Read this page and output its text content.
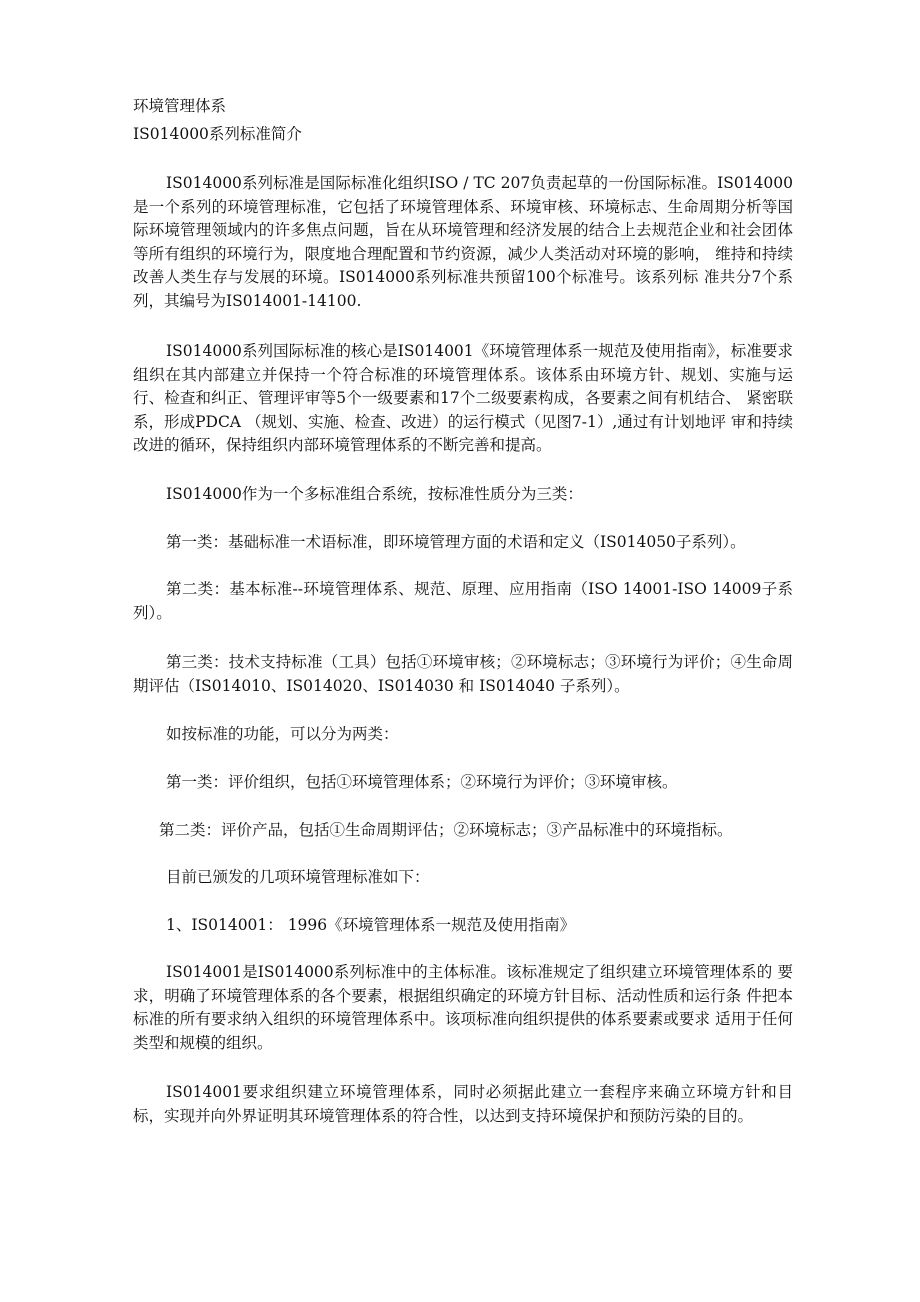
环境管理体系
IS014000系列标准简介

IS014000系列标准是国际标准化组织ISO / TC 207负责起草的一份国际标准。IS014000是一个系列的环境管理标准，它包括了环境管理体系、环境审核、环境标志、生命周期分析等国际环境管理领域内的许多焦点问题，旨在从环境管理和经济发展的结合上去规范企业和社会团体等所有组织的环境行为，限度地合理配置和节约资源，减少人类活动对环境的影响， 维持和持续改善人类生存与发展的环境。IS014000系列标准共预留100个标准号。该系列标 准共分7个系列，其编号为IS014001-14100.

IS014000系列国际标准的核心是IS014001《环境管理体系一规范及使用指南》，标准要求组织在其内部建立并保持一个符合标准的环境管理体系。该体系由环境方针、规划、实施与运行、检查和纠正、管理评审等5个一级要素和17个二级要素构成，各要素之间有机结合、 紧密联系，形成PDCA （规划、实施、检查、改进）的运行模式（见图7-1）,通过有计划地评 审和持续改进的循环，保持组织内部环境管理体系的不断完善和提高。

IS014000作为一个多标准组合系统，按标准性质分为三类：

第一类：基础标准一术语标准，即环境管理方面的术语和定义（IS014050子系列）。

第二类：基本标准--环境管理体系、规范、原理、应用指南（ISO 14001-ISO 14009子系列）。

第三类：技术支持标准（工具）包括①环境审核；②环境标志；③环境行为评价；④生命周期评估（IS014010、IS014020、IS014030 和 IS014040 子系列）。

如按标准的功能，可以分为两类：

第一类：评价组织，包括①环境管理体系；②环境行为评价；③环境审核。

第二类：评价产品，包括①生命周期评估；②环境标志；③产品标准中的环境指标。

目前已颁发的几项环境管理标准如下：

1、IS014001： 1996《环境管理体系一规范及使用指南》

IS014001是IS014000系列标准中的主体标准。该标准规定了组织建立环境管理体系的 要求，明确了环境管理体系的各个要素，根据组织确定的环境方针目标、活动性质和运行条 件把本标准的所有要求纳入组织的环境管理体系中。该项标准向组织提供的体系要素或要求 适用于任何类型和规模的组织。

IS014001要求组织建立环境管理体系，同时必须据此建立一套程序来确立环境方针和目标，实现并向外界证明其环境管理体系的符合性，以达到支持环境保护和预防污染的目的。
